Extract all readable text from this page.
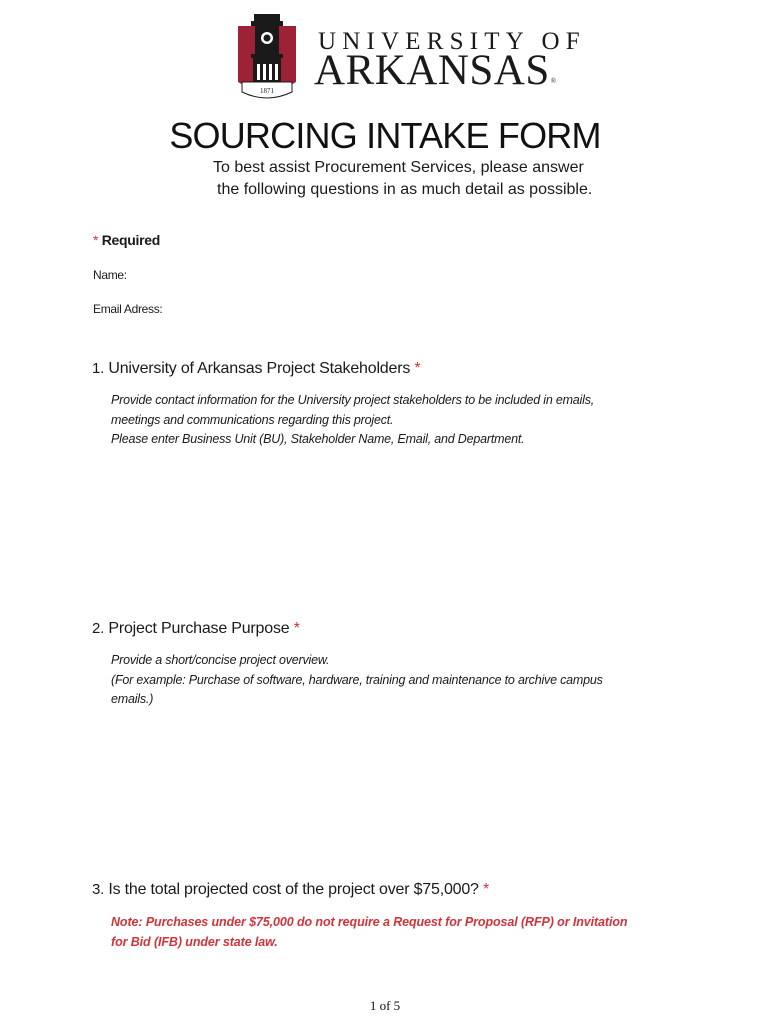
1871
UNIVERSITY OF
ARKANSAS®
SOURCING INTAKE FORM
To best assist Procurement Services, please answer
the following questions in as much detail as possible.
* Required
Name:
Email Adress:
1. University of Arkansas Project Stakeholders *
Provide contact information for the University project stakeholders to be included in emails,
meetings and communications regarding this project.
Please enter Business Unit (BU), Stakeholder Name, Email, and Department.
2. Project Purchase Purpose *
Provide a short/concise project overview.
(For example: Purchase of software, hardware, training and maintenance to archive campus
emails.)
3. Is the total projected cost of the project over $75,000? *
Note: Purchases under $75,000 do not require a Request for Proposal (RFP) or Invitation
for Bid (IFB) under state law.
1 of 5
